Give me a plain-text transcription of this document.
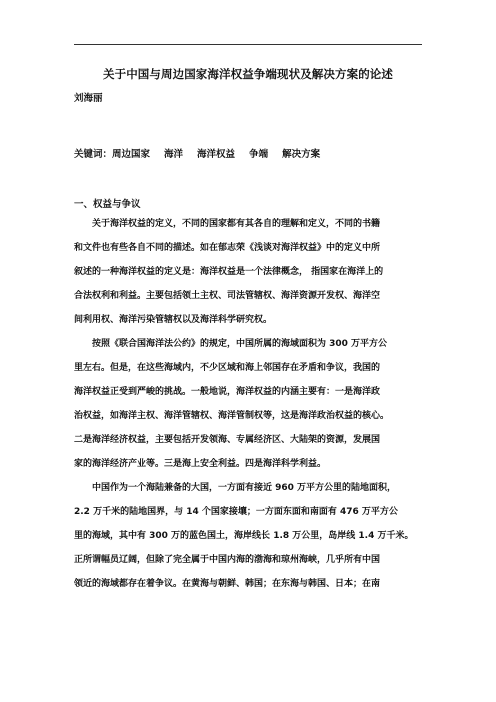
关于中国与周边国家海洋权益争端现状及解决方案的论述
刘海丽
关键词：周边国家 海洋 海洋权益 争端 解决方案
一、权益与争议
关于海洋权益的定义，不同的国家都有其各自的理解和定义，不同的书籍
和文件也有些各自不同的描述。如在郁志荣《浅谈对海洋权益》中的定义中所
叙述的一种海洋权益的定义是：海洋权益是一个法律概念， 指国家在海洋上的
合法权利和利益。主要包括领土主权、司法管辖权、海洋资源开发权、海洋空
间利用权、海洋污染管辖权以及海洋科学研究权。
按照《联合国海洋法公约》的规定，中国所属的海域面积为 300 万平方公
里左右。但是，在这些海域内，不少区域和海上邻国存在矛盾和争议，我国的
海洋权益正受到严峻的挑战。一般地说，海洋权益的内涵主要有：一是海洋政
治权益，如海洋主权、海洋管辖权、海洋管制权等，这是海洋政治权益的核心。
二是海洋经济权益，主要包括开发领海、专属经济区、大陆架的资源，发展国
家的海洋经济产业等。三是海上安全利益。四是海洋科学利益。
中国作为一个海陆兼备的大国，一方面有接近 960 万平方公里的陆地面积，
2.2 万千米的陆地国界，与 14 个国家接壤；一方面东面和南面有 476 万平方公
里的海域，其中有 300 万的蓝色国土，海岸线长 1.8 万公里，岛岸线 1.4 万千米。
正所谓幅员辽阔，但除了完全属于中国内海的渤海和琼州海峡，几乎所有中国
领近的海域都存在着争议。在黄海与朝鲜、韩国；在东海与韩国、日本；在南
